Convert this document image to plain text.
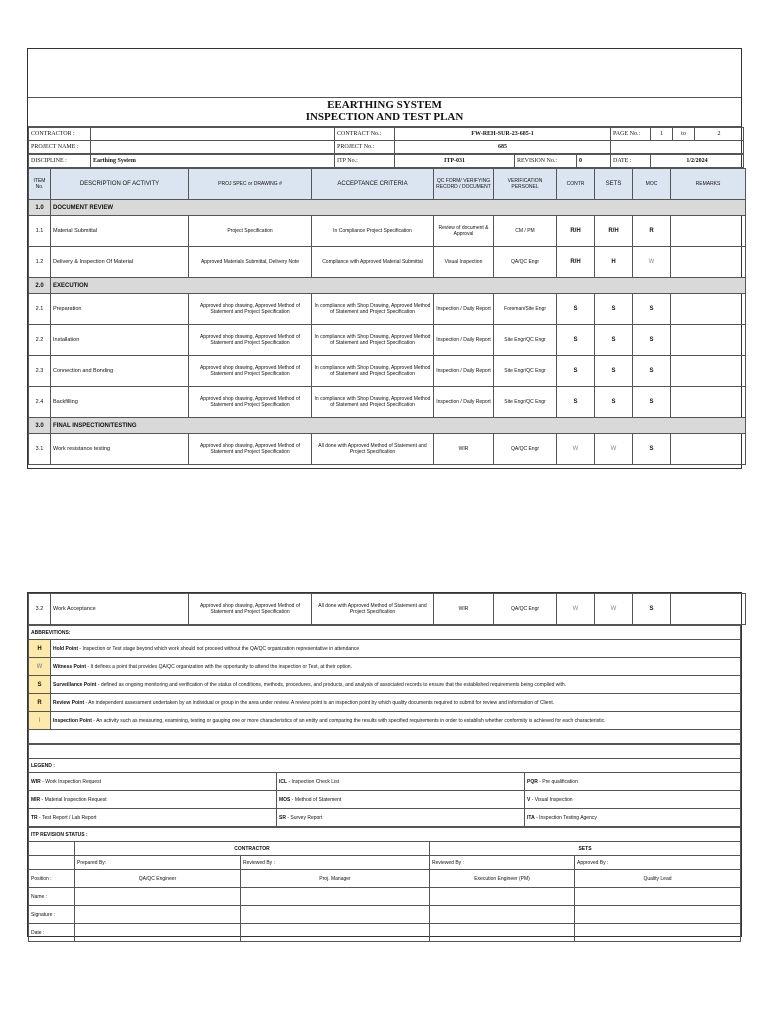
EEARTHING SYSTEM
INSPECTION AND TEST PLAN
CONTRACTOR :		CONTRACT No.:	FW-REH-SUR-23-685-1	PAGE No.:	1	to	2
PROJECT NAME :		PROJECT No.:	685				
DISCIPLINE :	Earthing System	ITP No.:	ITP-031	REVISION No.:	0	DATE :	1/2/2024
ITEM No.	DESCRIPTION OF ACTIVITY	PROJ SPEC or DRAWING #	ACCEPTANCE CRITERIA	QC FORM/ VERIFYING RECORD / DOCUMENT	VERIFICATION PERSONEL	CONTR	SETS	MOC	REMARKS
1.0	DOCUMENT REVIEW								
1.1	Material Submittal	Project Specification	In Compliance Project Specification	Review of document & Approval	CM / PM	R/H	R/H	R	
1.2	Delivery & Inspection Of Material	Approved Materials Submittal, Delivery Note	Compliance with Approved Material Submittal	Visual Inspection	QA/QC Engr	R/H	H	W	
2.0	EXECUTION								
2.1	Preparation	Approved shop drawing, Approved Method of Statement and Project Specification	In compliance with Shop Drawing, Approved Method of Statement and Project Specification	Inspection / Daily Report	Foreman/Site Engr	S	S	S	
2.2	Installation	Approved shop drawing, Approved Method of Statement and Project Specification	In compliance with Shop Drawing, Approved Method of Statement and Project Specification	Inspection / Daily Report	Site Engr/QC Engr	S	S	S	
2.3	Connection and Bonding	Approved shop drawing, Approved Method of Statement and Project Specification	In compliance with Shop Drawing, Approved Method of Statement and Project Specification	Inspection / Daily Report	Site Engr/QC Engr	S	S	S	
2.4	Backfilling	Approved shop drawing, Approved Method of Statement and Project Specification	In compliance with Shop Drawing, Approved Method of Statement and Project Specification	Inspection / Daily Report	Site Engr/QC Engr	S	S	S	
3.0	FINAL INSPECTION/TESTING								
3.1	Work resistance testing	Approved shop drawing, Approved Method of Statement and Project Specification	All done with Approved Method of Statement and Project Specification	WIR	QA/QC Engr	W	W	S	
3.2	Work Acceptance	Approved shop drawing, Approved Method of Statement and Project Specification	All done with Approved Method of Statement and Project Specification	WIR	QA/QC Engr	W	W	S	
ABBREVITIONS:	
H	Hold Point - Inspection or Test stage beyond which work should not proceed without the QA/QC organization representative in attendance
W	Witness Point - It defines a point that provides QA/QC organization with the opportunity to attend the inspection or Test, at their option.
S	Surveillance Point - defined as ongoing monitoring and verification of the status of conditions, methods, procedures, and products, and analysis of associated records to ensure that the established requirements being complied with.
R	Review Point - An independent assessment undertaken by an individual or group in the area under review. A review point is an inspection point by which quality documents required to submit for review and information of Client.
I	Inspection Point - An activity such as measuring, examining, testing or gauging one or more characteristics of an entity and comparing the results with specified requirements in order to establish whether conformity is achieved for each characteristic.

LEGEND :		
WIR - Work Inspection Request	ICL - Inspection Check List	PQR - Pre qualification
MIR - Material Inspection Request	MOS - Method of Statement	V - Visual Inspection
TR - Test Report / Lab Report	SR - Survey Report	ITA - Inspection Testing Agency
ITP REVISION STATUS :				
	CONTRACTOR		SETS	
	Prepared By:	Reviewed By :	Reviewed By :	Approved By :
Position :	QA/QC Engineer	Proj. Manager	Execution Engineer (PM)	Quality Lead
Name :				
Signature :				
Date :				
